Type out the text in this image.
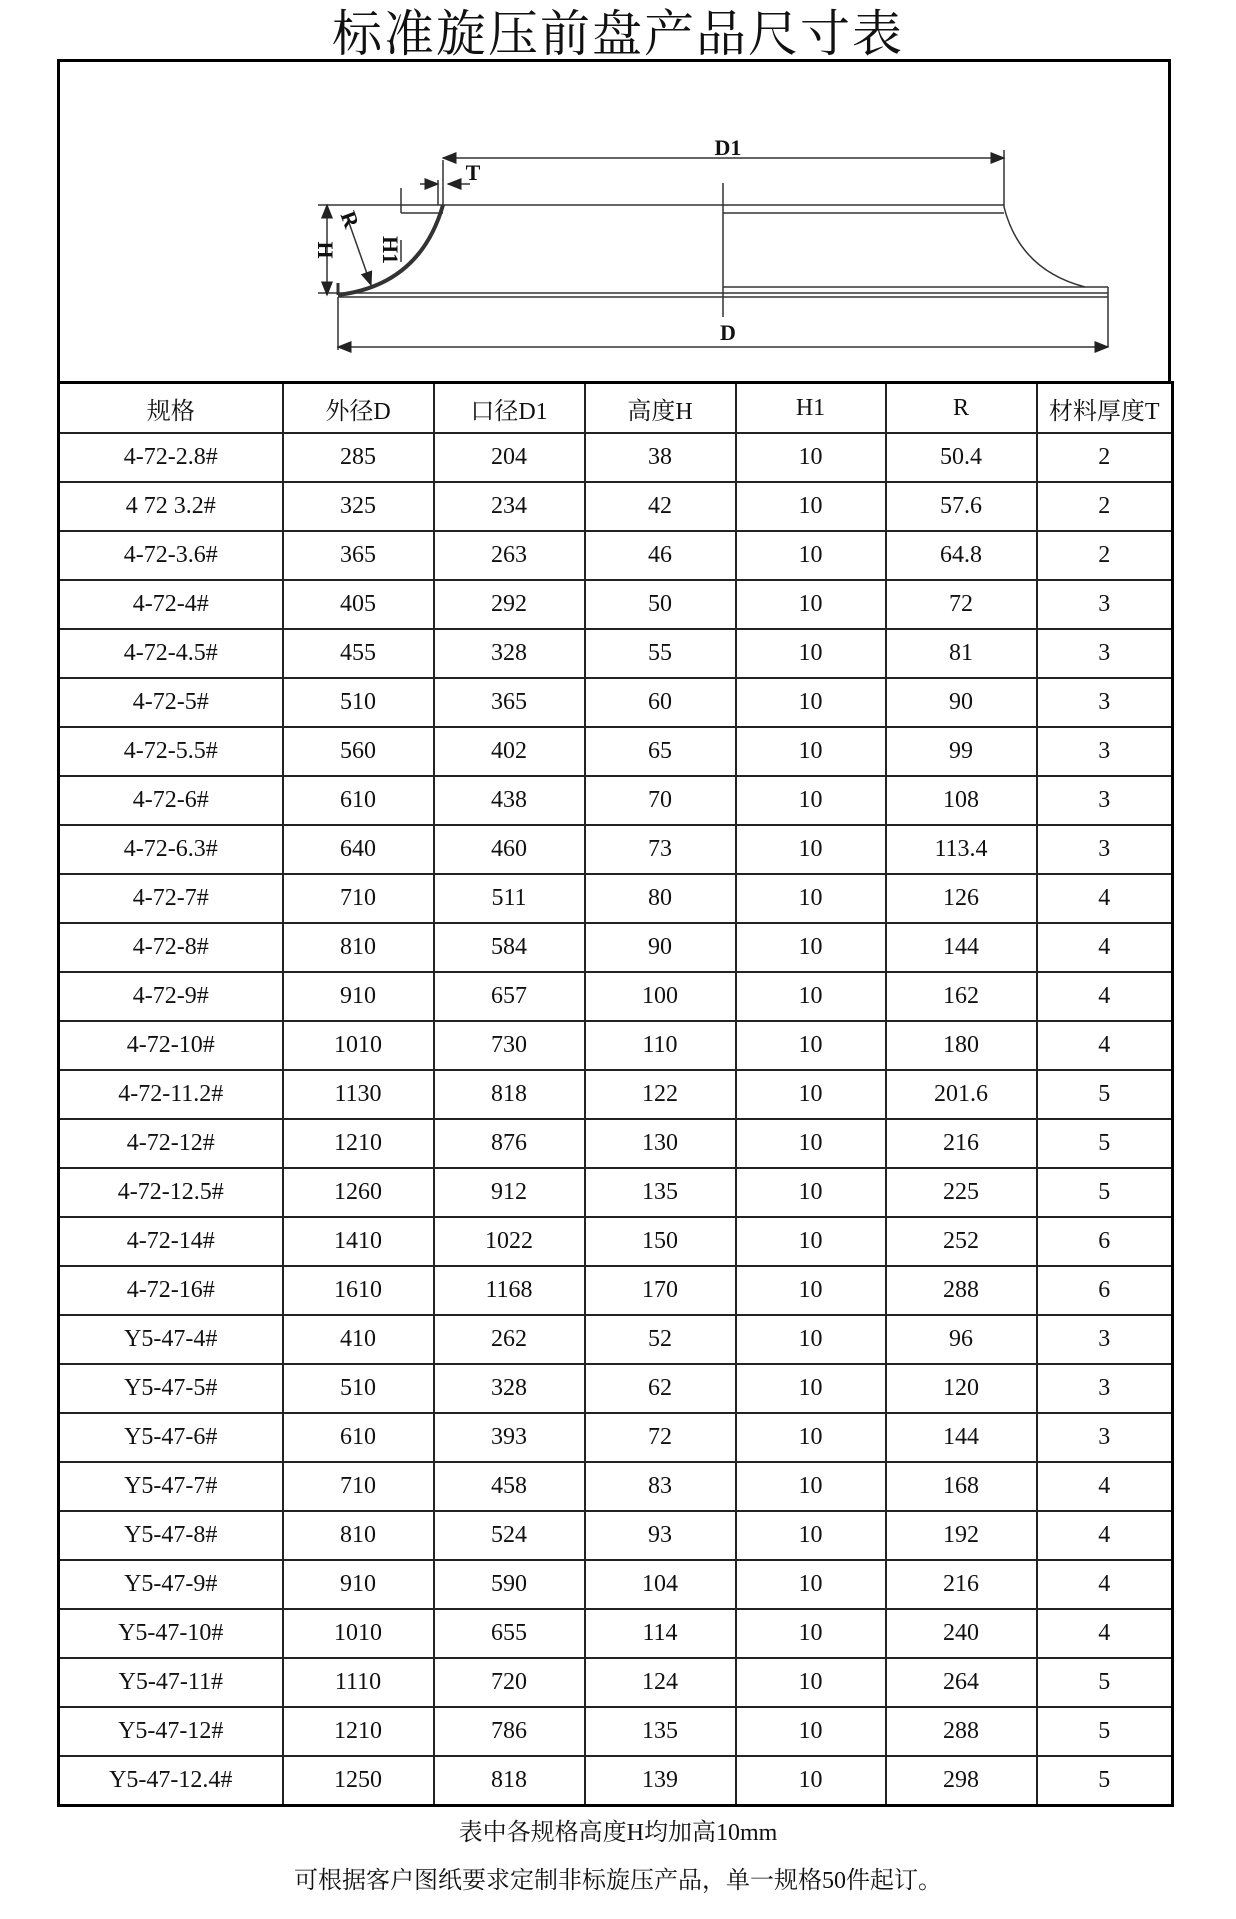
标准旋压前盘产品尺寸表
D1
D
T
H H1
R
规格	外径D	口径D1	高度H	H1	R	材料厚度T
4-72-2.8#	285	204	38	10	50.4	2
4 72 3.2#	325	234	42	10	57.6	2
4-72-3.6#	365	263	46	10	64.8	2
4-72-4#	405	292	50	10	72	3
4-72-4.5#	455	328	55	10	81	3
4-72-5#	510	365	60	10	90	3
4-72-5.5#	560	402	65	10	99	3
4-72-6#	610	438	70	10	108	3
4-72-6.3#	640	460	73	10	113.4	3
4-72-7#	710	511	80	10	126	4
4-72-8#	810	584	90	10	144	4
4-72-9#	910	657	100	10	162	4
4-72-10#	1010	730	110	10	180	4
4-72-11.2#	1130	818	122	10	201.6	5
4-72-12#	1210	876	130	10	216	5
4-72-12.5#	1260	912	135	10	225	5
4-72-14#	1410	1022	150	10	252	6
4-72-16#	1610	1168	170	10	288	6
Y5-47-4#	410	262	52	10	96	3
Y5-47-5#	510	328	62	10	120	3
Y5-47-6#	610	393	72	10	144	3
Y5-47-7#	710	458	83	10	168	4
Y5-47-8#	810	524	93	10	192	4
Y5-47-9#	910	590	104	10	216	4
Y5-47-10#	1010	655	114	10	240	4
Y5-47-11#	1110	720	124	10	264	5
Y5-47-12#	1210	786	135	10	288	5
Y5-47-12.4#	1250	818	139	10	298	5
表中各规格高度H均加高10mm
可根据客户图纸要求定制非标旋压产品，单一规格50件起订。
